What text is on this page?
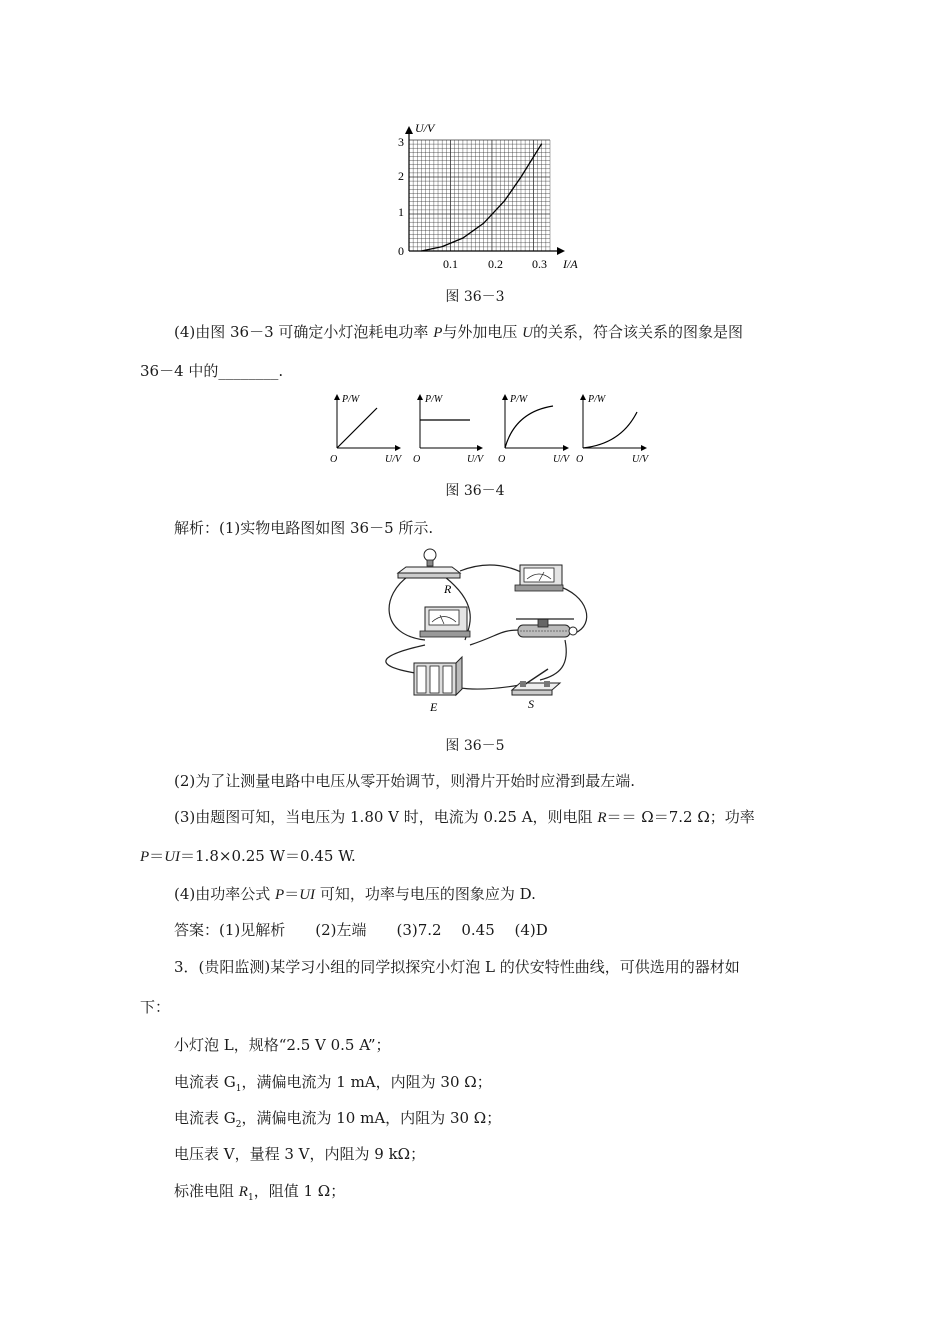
U/V
I/A
0
1
2
3
0.1	0.2 0.3
图 36－3
(4)由图 36－3 可确定小灯泡耗电功率 P与外加电压 U的关系，符合该关系的图象是图
36－4 中的________.
P/W
U/V
O
P/W
U/V
O
P/W
U/V
O
P/W
U/V
O
图 36－4
解析：(1)实物电路图如图 36－5 所示.
R
E	S
图 36－5
(2)为了让测量电路中电压从零开始调节，则滑片开始时应滑到最左端.
(3)由题图可知，当电压为 1.80 V 时，电流为 0.25 A，则电阻 R＝＝ Ω＝7.2 Ω；功率
P＝UI＝1.8×0.25 W＝0.45 W.
(4)由功率公式 P＝UI 可知，功率与电压的图象应为 D.
答案：(1)见解析　　(2)左端　　(3)7.2　 0.45　 (4)D
3．(贵阳监测)某学习小组的同学拟探究小灯泡 L 的伏安特性曲线，可供选用的器材如
下：
小灯泡 L，规格“2.5 V 0.5 A”；
电流表 $G_1$，满偏电流为 1 mA，内阻为 30 Ω；
电流表 $G_2$，满偏电流为 10 mA，内阻为 30 Ω；
电压表 V，量程 3 V，内阻为 9 kΩ；
标准电阻 $R_1$，阻值 1 Ω；
